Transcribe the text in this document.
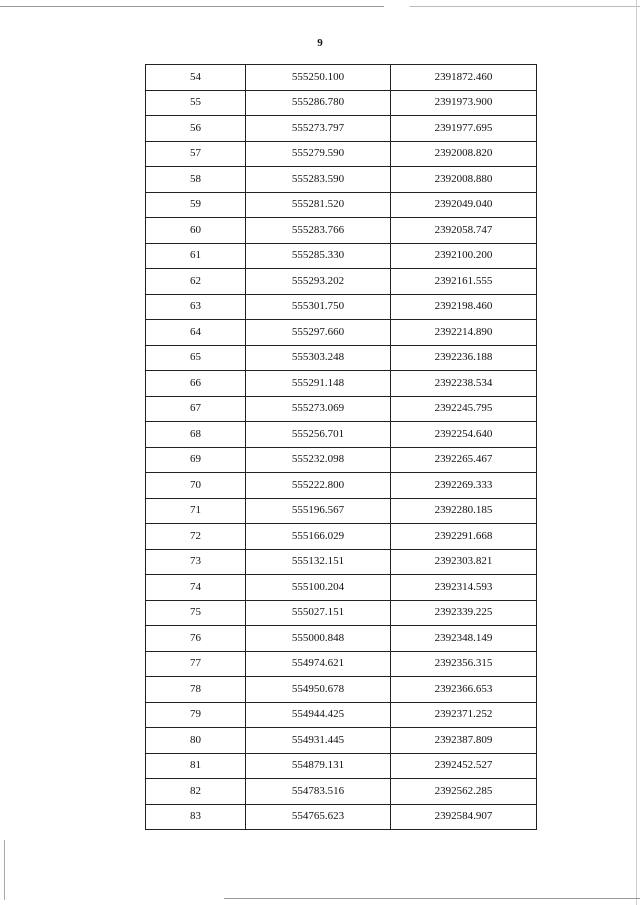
9
54	555250.100	2391872.460
55	555286.780	2391973.900
56	555273.797	2391977.695
57	555279.590	2392008.820
58	555283.590	2392008.880
59	555281.520	2392049.040
60	555283.766	2392058.747
61	555285.330	2392100.200
62	555293.202	2392161.555
63	555301.750	2392198.460
64	555297.660	2392214.890
65	555303.248	2392236.188
66	555291.148	2392238.534
67	555273.069	2392245.795
68	555256.701	2392254.640
69	555232.098	2392265.467
70	555222.800	2392269.333
71	555196.567	2392280.185
72	555166.029	2392291.668
73	555132.151	2392303.821
74	555100.204	2392314.593
75	555027.151	2392339.225
76	555000.848	2392348.149
77	554974.621	2392356.315
78	554950.678	2392366.653
79	554944.425	2392371.252
80	554931.445	2392387.809
81	554879.131	2392452.527
82	554783.516	2392562.285
83	554765.623	2392584.907
